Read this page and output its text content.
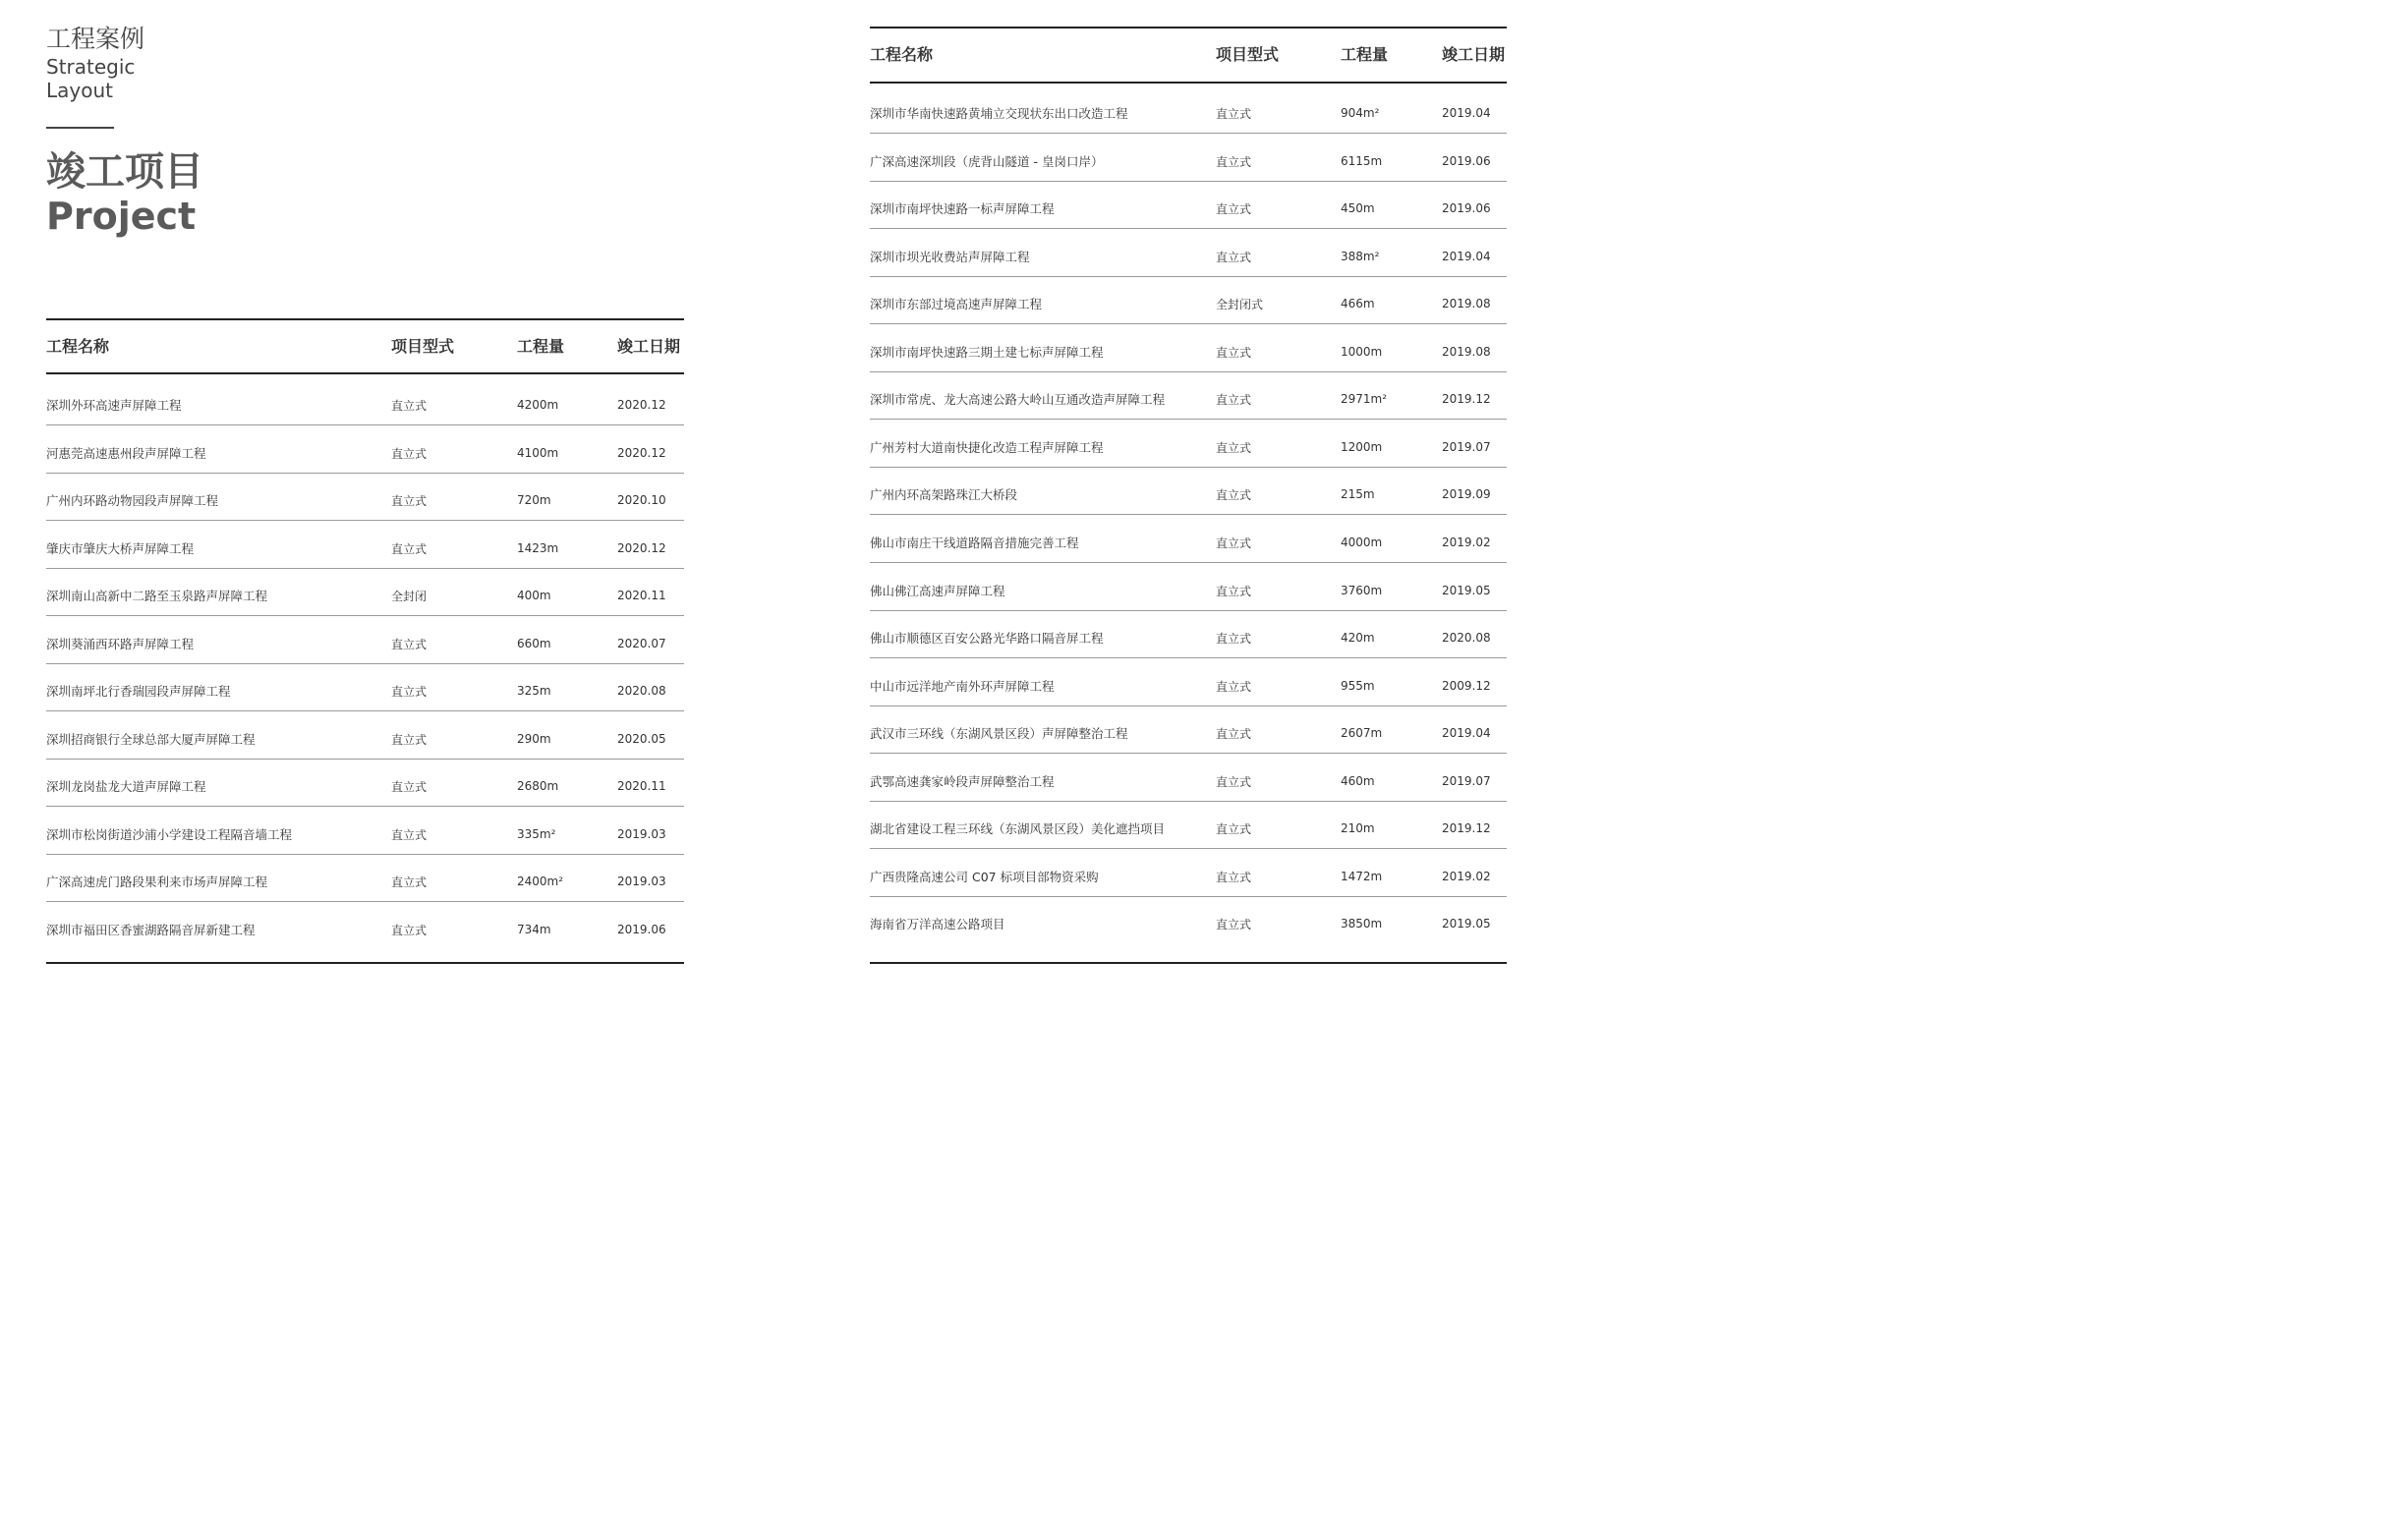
工程案例
Strategic
Layout
竣工项目
Project
工程名称	项目型式	工程量	竣工日期
深圳外环高速声屏障工程	直立式	4200m	2020.12
河惠莞高速惠州段声屏障工程	直立式	4100m	2020.12
广州内环路动物园段声屏障工程	直立式	720m	2020.10
肇庆市肇庆大桥声屏障工程	直立式	1423m	2020.12
深圳南山高新中二路至玉泉路声屏障工程	全封闭	400m	2020.11
深圳葵涌西环路声屏障工程	直立式	660m	2020.07
深圳南坪北行香瑞园段声屏障工程	直立式	325m	2020.08
深圳招商银行全球总部大厦声屏障工程	直立式	290m	2020.05
深圳龙岗盐龙大道声屏障工程	直立式	2680m	2020.11
深圳市松岗街道沙浦小学建设工程隔音墙工程	直立式	335m²	2019.03
广深高速虎门路段果利来市场声屏障工程	直立式	2400m²	2019.03
深圳市福田区香蜜湖路隔音屏新建工程	直立式	734m	2019.06
工程名称	项目型式	工程量	竣工日期
深圳市华南快速路黄埔立交现状东出口改造工程	直立式	904m²	2019.04
广深高速深圳段（虎背山隧道 - 皇岗口岸）	直立式	6115m	2019.06
深圳市南坪快速路一标声屏障工程	直立式	450m	2019.06
深圳市坝光收费站声屏障工程	直立式	388m²	2019.04
深圳市东部过境高速声屏障工程	全封闭式	466m	2019.08
深圳市南坪快速路三期土建七标声屏障工程	直立式	1000m	2019.08
深圳市常虎、龙大高速公路大岭山互通改造声屏障工程	直立式	2971m²	2019.12
广州芳村大道南快捷化改造工程声屏障工程	直立式	1200m	2019.07
广州内环高架路珠江大桥段	直立式	215m	2019.09
佛山市南庄干线道路隔音措施完善工程	直立式	4000m	2019.02
佛山佛江高速声屏障工程	直立式	3760m	2019.05
佛山市顺德区百安公路光华路口隔音屏工程	直立式	420m	2020.08
中山市远洋地产南外环声屏障工程	直立式	955m	2009.12
武汉市三环线（东湖风景区段）声屏障整治工程	直立式	2607m	2019.04
武鄂高速龚家岭段声屏障整治工程	直立式	460m	2019.07
湖北省建设工程三环线（东湖风景区段）美化遮挡项目	直立式	210m	2019.12
广西贵隆高速公司 C07 标项目部物资采购	直立式	1472m	2019.02
海南省万洋高速公路项目	直立式	3850m	2019.05
